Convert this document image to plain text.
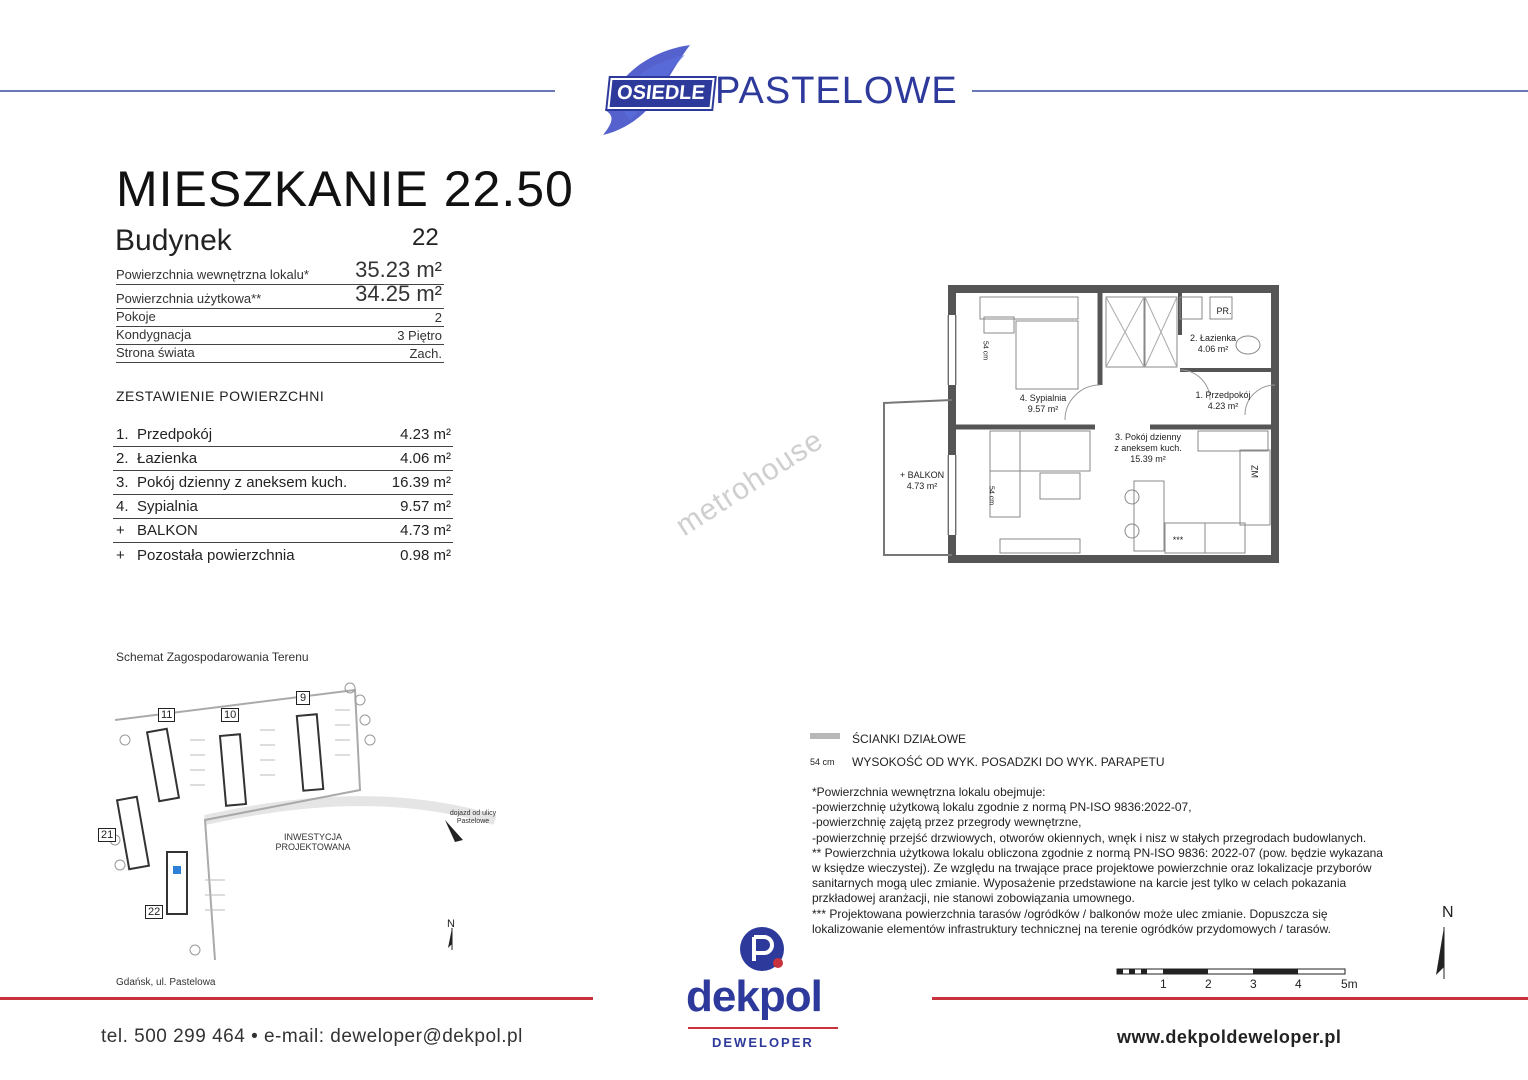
OSIEDLE PASTELOWE
MIESZKANIE 22.50
Budynek	22
Powierzchnia wewnętrzna lokalu* 35.23 m²
Powierzchnia użytkowa**	34.25 m²
Pokoje	2
Kondygnacja	3 Piętro
Strona świata	Zach.
ZESTAWIENIE POWIERZCHNI
1. Przedpokój	4.23 m²
2. Łazienka	4.06 m²
3. Pokój dzienny z aneksem kuch.	16.39 m²
4. Sypialnia	9.57 m²
+ BALKON	4.73 m²
+ Pozostała powierzchnia	0.98 m²
2. Łazienka
4.06 m²
1. Przedpokój
4.23 m²
4. Sypialnia
9.57 m²
3. Pokój dzienny
z aneksem kuch.
15.39 m²
+ BALKON
4.73 m²
PR.
ZM
54 cm
54 cm
***
metrohouse
Schemat Zagospodarowania Terenu
11	10
9
21
22
INWESTYCJA
PROJEKTOWANA
dojazd od ulicy
Pastelowe
N
Gdańsk, ul. Pastelowa
ŚCIANKI DZIAŁOWE
54 cm WYSOKOŚĆ OD WYK. POSADZKI DO WYK. PARAPETU
*Powierzchnia wewnętrzna lokalu obejmuje:
-powierzchnię użytkową lokalu zgodnie z normą PN-ISO 9836:2022-07,
-powierzchnię zajętą przez przegrody wewnętrzne,
-powierzchnię przejść drzwiowych, otworów okiennych, wnęk i nisz w stałych przegrodach budowlanych.
** Powierzchnia użytkowa lokalu obliczona zgodnie z normą PN-ISO 9836: 2022-07 (pow. będzie wykazana
w księdze wieczystej). Ze względu na trwające prace projektowe powierzchnie oraz lokalizacje przyborów
sanitarnych mogą ulec zmianie. Wyposażenie przedstawione na karcie jest tylko w celach pokazania
przkładowej aranżacji, nie stanowi zobowiązania umownego.
*** Projektowana powierzchnia tarasów /ogródków / balkonów może ulec zmianie. Dopuszcza się
lokalizowanie elementów infrastruktury technicznej na terenie ogródków przydomowych / tarasów.
1	2	3	4	5m
N
dekpol
DEWELOPER
tel. 500 299 464 • e-mail: deweloper@dekpol.pl	www.dekpoldeweloper.pl
